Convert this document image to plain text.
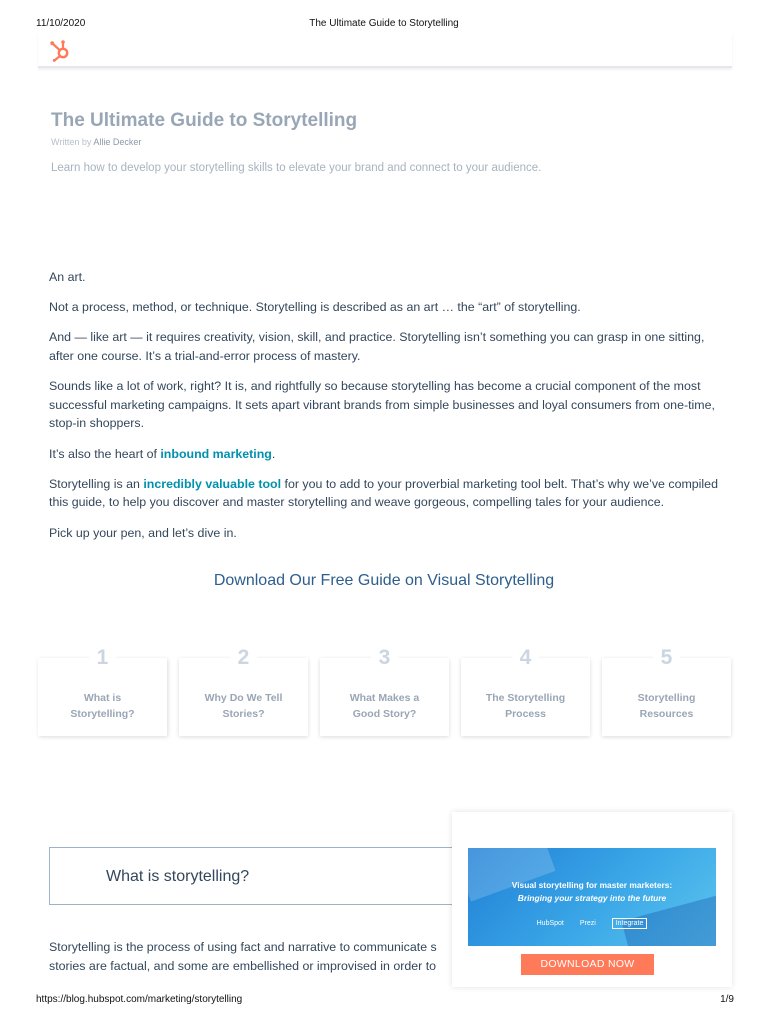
11/10/2020	The Ultimate Guide to Storytelling
The Ultimate Guide to Storytelling
Written by Allie Decker
Learn how to develop your storytelling skills to elevate your brand and connect to your audience.

An art.

Not a process, method, or technique. Storytelling is described as an art … the “art” of storytelling.

And — like art — it requires creativity, vision, skill, and practice. Storytelling isn’t something you can grasp in one sitting, after one course. It’s a trial-and-error process of mastery.

Sounds like a lot of work, right? It is, and rightfully so because storytelling has become a crucial component of the most successful marketing campaigns. It sets apart vibrant brands from simple businesses and loyal consumers from one-time, stop-in shoppers.

It’s also the heart of inbound marketing.

Storytelling is an incredibly valuable tool for you to add to your proverbial marketing tool belt. That’s why we’ve compiled this guide, to help you discover and master storytelling and weave gorgeous, compelling tales for your audience.

Pick up your pen, and let’s dive in.

Download Our Free Guide on Visual Storytelling
1
What is
Storytelling?
2
Why Do We Tell
Stories?
3
What Makes a
Good Story?
4
The Storytelling
Process
5
Storytelling
Resources
What is storytelling?
Storytelling is the process of using fact and narrative to communicate s
stories are factual, and some are embellished or improvised in order to
Visual storytelling for master marketers:
Bringing your strategy into the future
HubSpot Prezi	Integrate
DOWNLOAD NOW
https://blog.hubspot.com/marketing/storytelling	1/9
